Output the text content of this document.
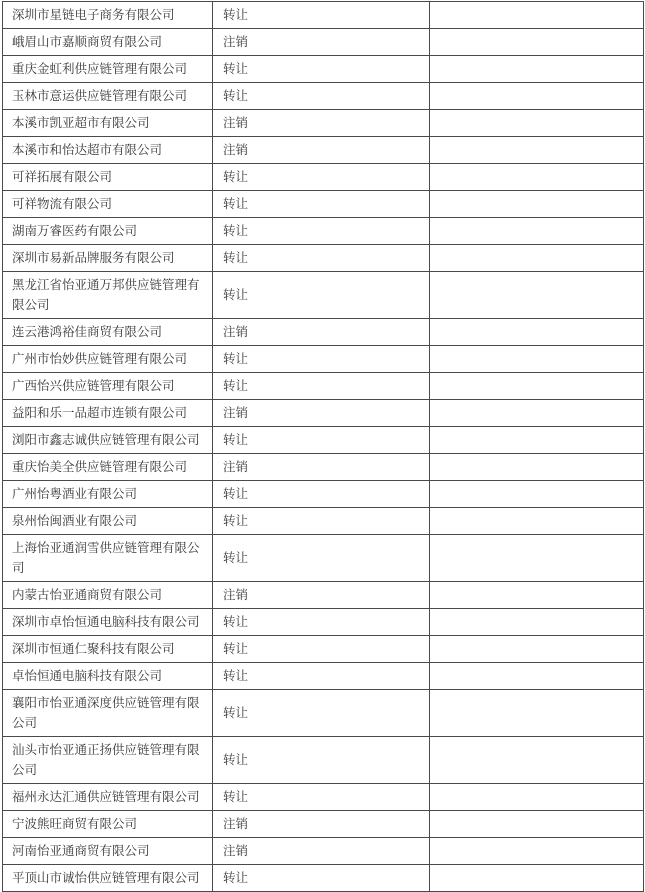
深圳市星链电子商务有限公司	转让	
峨眉山市嘉顺商贸有限公司	注销	
重庆金虹利供应链管理有限公司	转让	
玉林市意运供应链管理有限公司	转让	
本溪市凯亚超市有限公司	注销	
本溪市和怡达超市有限公司	注销	
可祥拓展有限公司	转让	
可祥物流有限公司	转让	
湖南万睿医药有限公司	转让	
深圳市易新品牌服务有限公司	转让	
黑龙江省怡亚通万邦供应链管理有限公司	转让	
连云港鸿裕佳商贸有限公司	注销	
广州市怡妙供应链管理有限公司	转让	
广西怡兴供应链管理有限公司	转让	
益阳和乐一品超市连锁有限公司	注销	
浏阳市鑫志诚供应链管理有限公司	转让	
重庆怡美全供应链管理有限公司	注销	
广州怡粤酒业有限公司	转让	
泉州怡闽酒业有限公司	转让	
上海怡亚通润雪供应链管理有限公司	转让	
内蒙古怡亚通商贸有限公司	注销	
深圳市卓怡恒通电脑科技有限公司	转让	
深圳市恒通仁聚科技有限公司	转让	
卓怡恒通电脑科技有限公司	转让	
襄阳市怡亚通深度供应链管理有限公司	转让	
汕头市怡亚通正扬供应链管理有限公司	转让	
福州永达汇通供应链管理有限公司	转让	
宁波熊旺商贸有限公司	注销	
河南怡亚通商贸有限公司	注销	
平顶山市诚怡供应链管理有限公司	转让	
